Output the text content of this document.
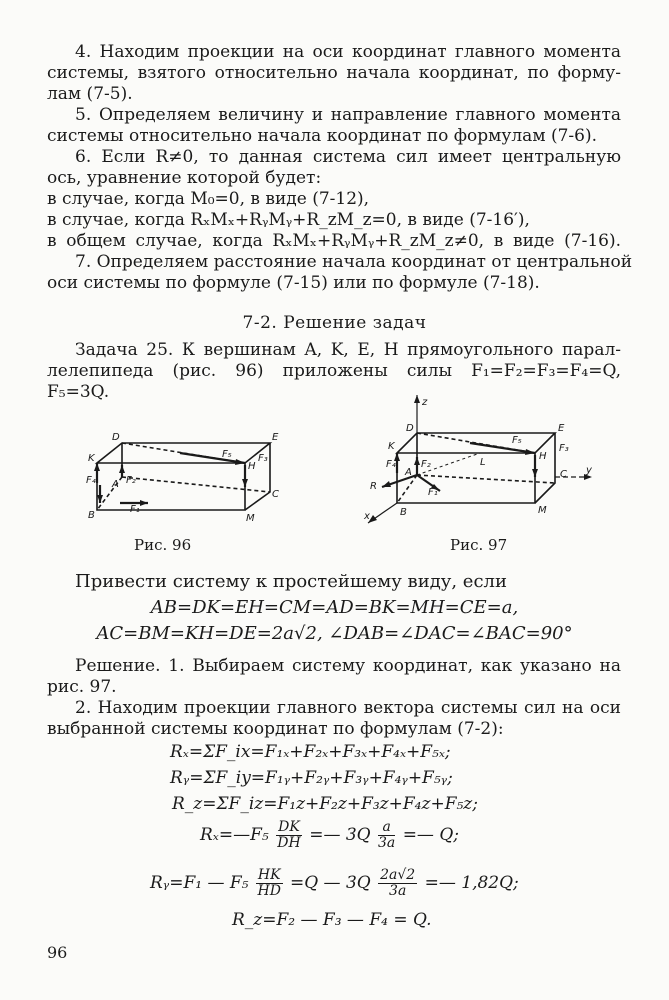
4. Находим проекции на оси координат главного момента
системы, взятого относительно начала координат, по форму-
лам (7-5).
5. Определяем величину и направление главного момента
системы относительно начала координат по формулам (7-6).
6. Если R≠0, то данная система сил имеет центральную
ось, уравнение которой будет:
в случае, когда M₀=0, в виде (7-12),
в случае, когда RₓMₓ+RᵧMᵧ+R_zM_z=0, в виде (7-16′),
в общем случае, когда RₓMₓ+RᵧMᵧ+R_zM_z≠0, в виде (7-16).
7. Определяем расстояние начала координат от центральной
оси системы по формуле (7-15) или по формуле (7-18).
7-2. Решение задач
Задача 25. К вершинам A, K, E, H прямоугольного парал-
лелепипеда (рис. 96) приложены силы F₁=F₂=F₃=F₄=Q,
F₅=3Q.
D	E
K
H
A
C
B	M
F₁
F₂
F₃
F₄
F₅
Рис. 96
z
y
x
R
D	E
K
H
A	C
B	M
L
F₁
F₂
F₃
F₄
F₅
Рис. 97
Привести систему к простейшему виду, если
AB=DK=EH=CM=AD=BK=MH=CE=a,
AC=BM=KH=DE=2a√2, ∠DAB=∠DAC=∠BAC=90°
Решение. 1. Выбираем систему координат, как указано на
рис. 97.
2. Находим проекции главного вектора системы сил на оси
выбранной системы координат по формулам (7-2):
Rₓ=ΣF_ix=F₁ₓ+F₂ₓ+F₃ₓ+F₄ₓ+F₅ₓ;
Rᵧ=ΣF_iy=F₁ᵧ+F₂ᵧ+F₃ᵧ+F₄ᵧ+F₅ᵧ;
R_z=ΣF_iz=F₁z+F₂z+F₃z+F₄z+F₅z;
Rₓ=—F₅ $\frac{DK}{DH}$ =— $3Q \frac{a}{3a}$ =— Q;
Rᵧ=F₁ — $F_5 \frac{HK}{HD} =Q$ — $3Q \frac{2a√2}{3a}$ =— 1,82Q;
R_z=F₂ — F₃ — F₄ = Q.
96
